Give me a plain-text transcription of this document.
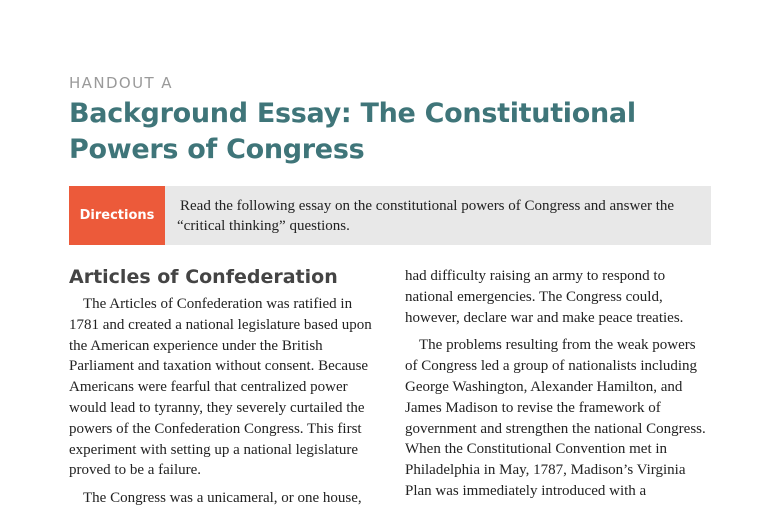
HANDOUT A
Background Essay: The Constitutional Powers of Congress
Directions
Read the following essay on the constitutional powers of Congress and answer the “critical thinking” questions.
Articles of Confederation

The Articles of Confederation was ratified in 1781 and created a national legislature based upon the American experience under the British Parliament and taxation without consent. Because Americans were fearful that centralized power would lead to tyranny, they severely curtailed the powers of the Confederation Congress. This first experiment with setting up a national legislature proved to be a failure.

The Congress was a unicameral, or one house,

had difficulty raising an army to respond to national emergencies. The Congress could, however, declare war and make peace treaties.

The problems resulting from the weak powers of Congress led a group of nationalists including George Washington, Alexander Hamilton, and James Madison to revise the framework of government and strengthen the national Congress. When the Constitutional Convention met in Philadelphia in May, 1787, Madison’s Virginia Plan was immediately introduced with a
